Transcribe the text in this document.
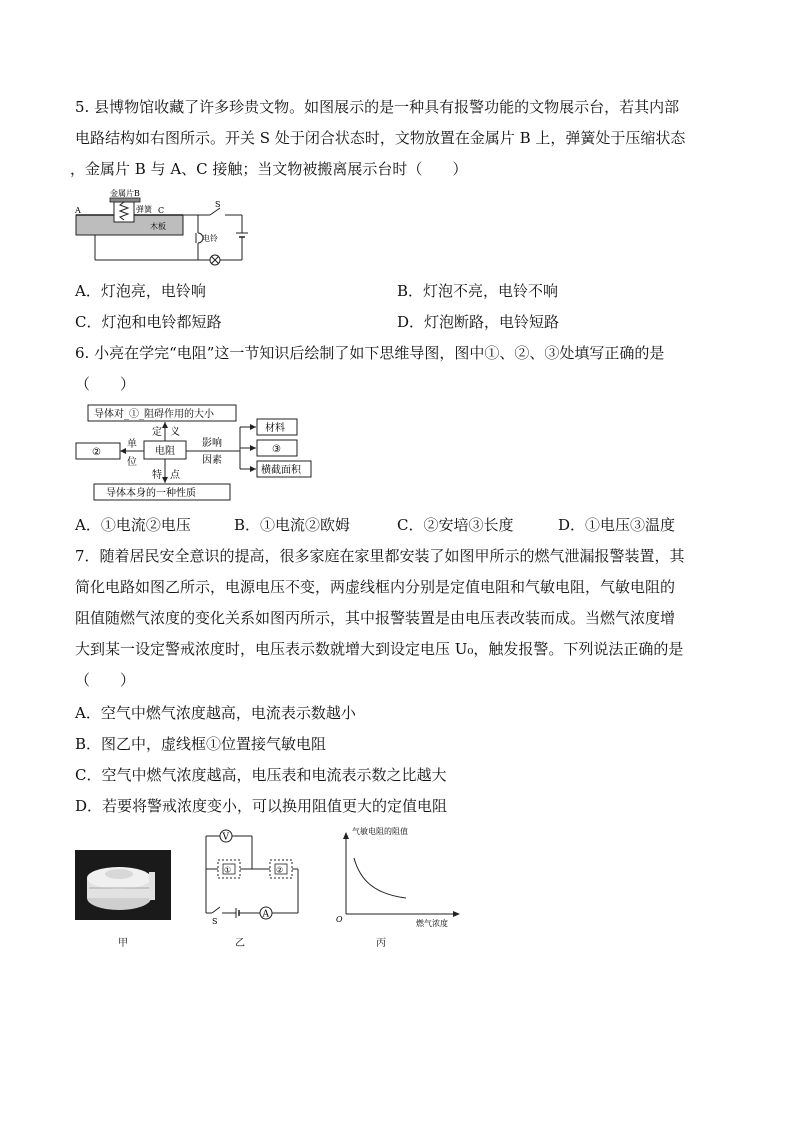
5. 县博物馆收藏了许多珍贵文物。如图展示的是一种具有报警功能的文物展示台，若其内部
电路结构如右图所示。开关 S 处于闭合状态时，文物放置在金属片 B 上，弹簧处于压缩状态
，金属片 B 与 A、C 接触；当文物被搬离展示台时（　　）
A	C
金属片B
弹簧
木板
S
电铃
A．灯泡亮，电铃响	B．灯泡不亮，电铃不响
C．灯泡和电铃都短路	D．灯泡断路，电铃短路
6. 小亮在学完“电阻”这一节知识后绘制了如下思维导图，图中①、②、③处填写正确的是
（　　）
导体对_①_阻碍作用的大小
电阻
定 义
②
单
位
特 点
导体本身的一种性质
影响
因素
材料
③
横截面积
A．①电流②电压	B．①电流②欧姆	C．②安培③长度	D．①电压③温度
7．随着居民安全意识的提高，很多家庭在家里都安装了如图甲所示的燃气泄漏报警装置，其
简化电路如图乙所示，电源电压不变，两虚线框内分别是定值电阻和气敏电阻，气敏电阻的
阻值随燃气浓度的变化关系如图丙所示，其中报警装置是由电压表改装而成。当燃气浓度增
大到某一设定警戒浓度时，电压表示数就增大到设定电压 U₀，触发报警。下列说法正确的是
（　　）
A．空气中燃气浓度越高，电流表示数越小
B．图乙中，虚线框①位置接气敏电阻
C．空气中燃气浓度越高，电压表和电流表示数之比越大
D．若要将警戒浓度变小，可以换用阻值更大的定值电阻
甲
V
①	②
A
S
乙
气敏电阻的阻值
燃气浓度
O
丙
